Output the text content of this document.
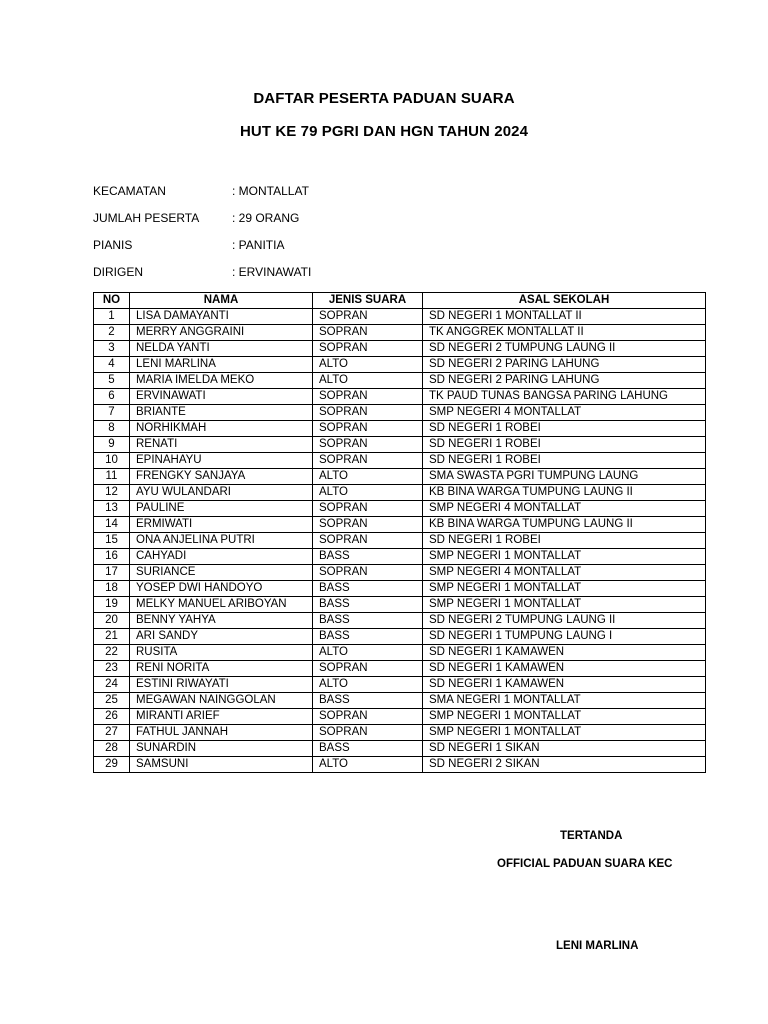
DAFTAR PESERTA PADUAN SUARA
HUT KE 79 PGRI DAN HGN TAHUN 2024
KECAMATAN	: MONTALLAT
JUMLAH PESERTA	: 29 ORANG
PIANIS	: PANITIA
DIRIGEN	: ERVINAWATI
NO	NAMA	JENIS SUARA	ASAL SEKOLAH
1	LISA DAMAYANTI	SOPRAN	SD NEGERI 1 MONTALLAT II
2	MERRY ANGGRAINI	SOPRAN	TK ANGGREK MONTALLAT II
3	NELDA YANTI	SOPRAN	SD NEGERI 2 TUMPUNG LAUNG II
4	LENI MARLINA	ALTO	SD NEGERI 2 PARING LAHUNG
5	MARIA IMELDA MEKO	ALTO	SD NEGERI 2 PARING LAHUNG
6	ERVINAWATI	SOPRAN	TK PAUD TUNAS BANGSA PARING LAHUNG
7	BRIANTE	SOPRAN	SMP NEGERI 4 MONTALLAT
8	NORHIKMAH	SOPRAN	SD NEGERI 1 ROBEI
9	RENATI	SOPRAN	SD NEGERI 1 ROBEI
10	EPINAHAYU	SOPRAN	SD NEGERI 1 ROBEI
11	FRENGKY SANJAYA	ALTO	SMA SWASTA PGRI TUMPUNG LAUNG
12	AYU WULANDARI	ALTO	KB BINA WARGA TUMPUNG LAUNG II
13	PAULINE	SOPRAN	SMP NEGERI 4 MONTALLAT
14	ERMIWATI	SOPRAN	KB BINA WARGA TUMPUNG LAUNG II
15	ONA ANJELINA PUTRI	SOPRAN	SD NEGERI 1 ROBEI
16	CAHYADI	BASS	SMP NEGERI 1 MONTALLAT
17	SURIANCE	SOPRAN	SMP NEGERI 4 MONTALLAT
18	YOSEP DWI HANDOYO	BASS	SMP NEGERI 1 MONTALLAT
19	MELKY MANUEL ARIBOYAN	BASS	SMP NEGERI 1 MONTALLAT
20	BENNY YAHYA	BASS	SD NEGERI 2 TUMPUNG LAUNG II
21	ARI SANDY	BASS	SD NEGERI 1 TUMPUNG LAUNG I
22	RUSITA	ALTO	SD NEGERI 1 KAMAWEN
23	RENI NORITA	SOPRAN	SD NEGERI 1 KAMAWEN
24	ESTINI RIWAYATI	ALTO	SD NEGERI 1 KAMAWEN
25	MEGAWAN NAINGGOLAN	BASS	SMA NEGERI 1 MONTALLAT
26	MIRANTI ARIEF	SOPRAN	SMP NEGERI 1 MONTALLAT
27	FATHUL JANNAH	SOPRAN	SMP NEGERI 1 MONTALLAT
28	SUNARDIN	BASS	SD NEGERI 1 SIKAN
29	SAMSUNI	ALTO	SD NEGERI 2 SIKAN
TERTANDA
OFFICIAL PADUAN SUARA KEC
LENI MARLINA
